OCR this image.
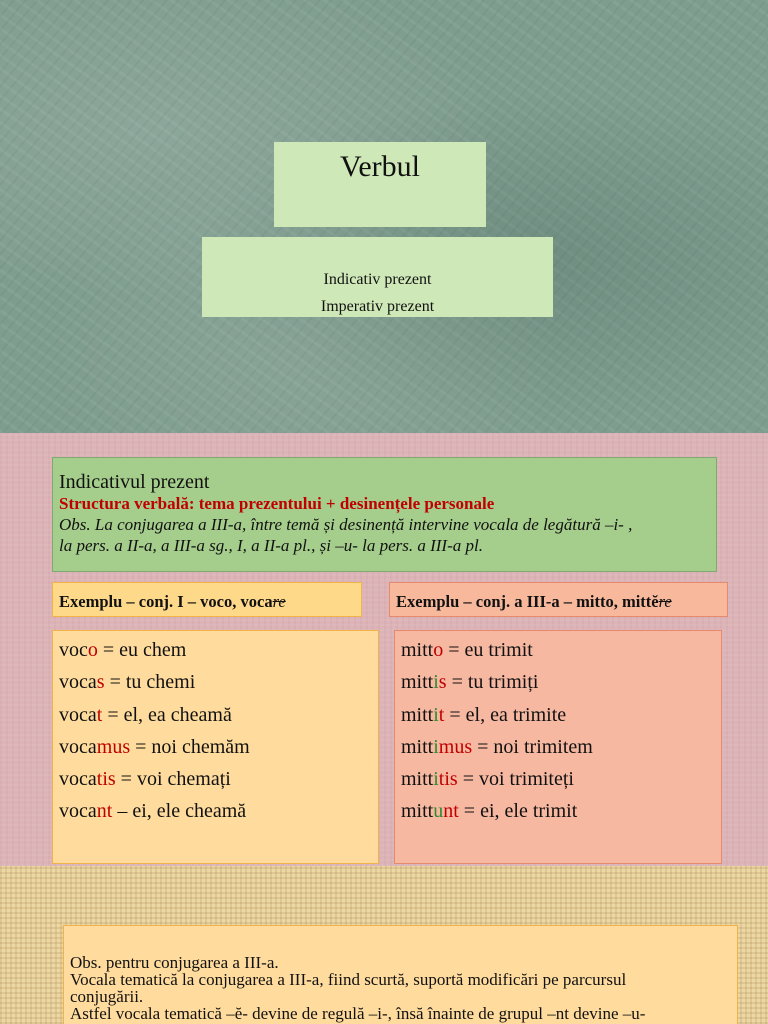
Verbul
Indicativ prezent
Imperativ prezent
Indicativul prezent
Structura verbală: tema prezentului + desinențele personale
Obs. La conjugarea a III-a, între temă și desinență intervine vocala de legătură –i- ,
la pers. a II-a, a III-a sg., I, a II-a pl., și –u- la pers. a III-a pl.
Exemplu – conj. I – voco, vocare	Exemplu – conj. a III-a – mitto, mittĕre
voco = eu chem
vocas = tu chemi
vocat = el, ea cheamă
vocamus = noi chemăm
vocatis = voi chemați
vocant – ei, ele cheamă
mitto = eu trimit
mittis = tu trimiți
mittit = el, ea trimite
mittimus = noi trimitem
mittitis = voi trimiteți
mittunt = ei, ele trimit
Obs. pentru conjugarea a III-a.
Vocala tematică la conjugarea a III-a, fiind scurtă, suportă modificări pe parcursul
conjugării.
Astfel vocala tematică –ĕ- devine de regulă –i-, însă înainte de grupul –nt devine –u-
